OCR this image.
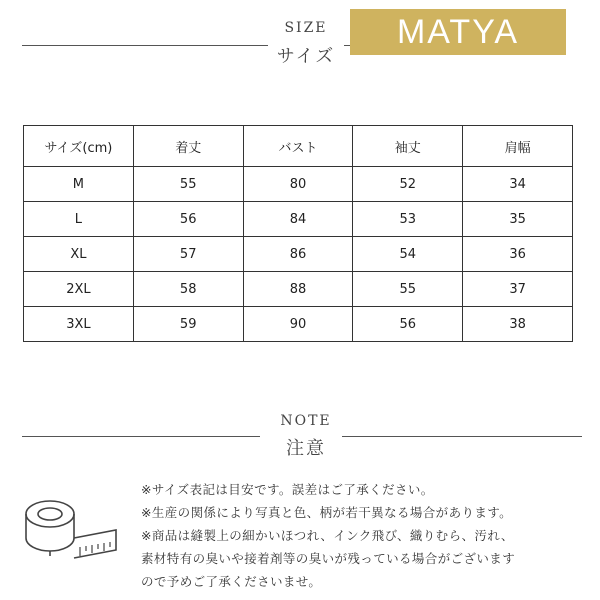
SIZE
サイズ
MATYA
サイズ(cm)	着丈	バスト	袖丈	肩幅
M	55	80	52	34
L	56	84	53	35
XL	57	86	54	36
2XL	58	88	55	37
3XL	59	90	56	38
NOTE
注意
※サイズ表記は目安です。誤差はご了承ください。
※生産の関係により写真と色、柄が若干異なる場合があります。
※商品は縫製上の細かいほつれ、インク飛び、織りむら、汚れ、
素材特有の臭いや接着剤等の臭いが残っている場合がございます
ので予めご了承くださいませ。
